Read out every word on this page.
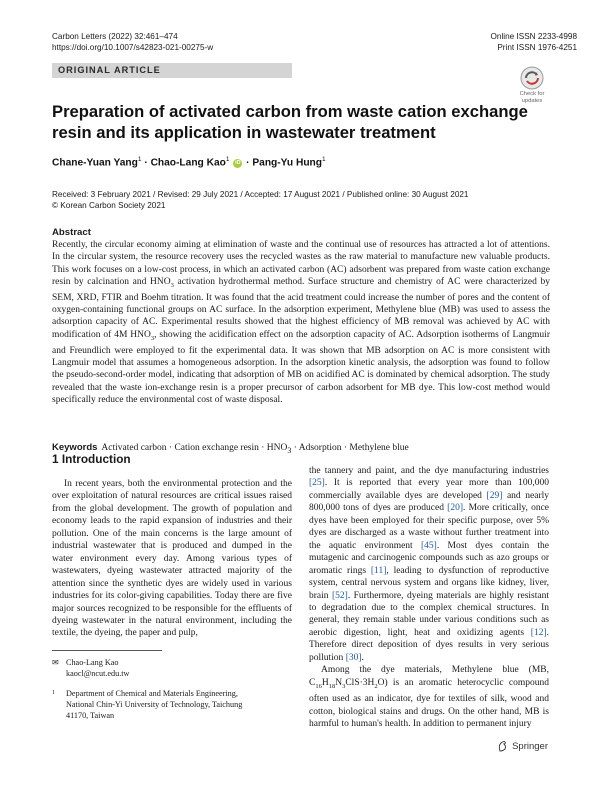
Carbon Letters (2022) 32:461–474
https://doi.org/10.1007/s42823-021-00275-w
Online ISSN 2233-4998
Print ISSN 1976-4251
ORIGINAL ARTICLE
Check for
updates
Preparation of activated carbon from waste cation exchange resin and its application in wastewater treatment
Chane-Yuan Yang$^1$ · Chao-Lang Kao$^1$ iD · Pang-Yu Hung$^1$
Received: 3 February 2021 / Revised: 29 July 2021 / Accepted: 17 August 2021 / Published online: 30 August 2021
© Korean Carbon Society 2021
Abstract
Recently, the circular economy aiming at elimination of waste and the continual use of resources has attracted a lot of attentions. In the circular system, the resource recovery uses the recycled wastes as the raw material to manufacture new valuable products. This work focuses on a low-cost process, in which an activated carbon (AC) adsorbent was prepared from waste cation exchange resin by calcination and $HNO_3$ activation hydrothermal method. Surface structure and chemistry of AC were characterized by SEM, XRD, FTIR and Boehm titration. It was found that the acid treatment could increase the number of pores and the content of oxygen-containing functional groups on AC surface. In the adsorption experiment, Methylene blue (MB) was used to assess the adsorption capacity of AC. Experimental results showed that the highest efficiency of MB removal was achieved by AC with modification of 4M $HNO_3$, showing the acidification effect on the adsorption capacity of AC. Adsorption isotherms of Langmuir and Freundlich were employed to fit the experimental data. It was shown that MB adsorption on AC is more consistent with Langmuir model that assumes a homogeneous adsorption. In the adsorption kinetic analysis, the adsorption was found to follow the pseudo-second-order model, indicating that adsorption of MB on acidified AC is dominated by chemical adsorption. The study revealed that the waste ion-exchange resin is a proper precursor of carbon adsorbent for MB dye. This low-cost method would specifically reduce the environmental cost of waste disposal.
Keywords Activated carbon · Cation exchange $resin \cdot HNO_3$ · Adsorption · Methylene blue
1 Introduction
In recent years, both the environmental protection and the over exploitation of natural resources are critical issues raised from the global development. The growth of population and economy leads to the rapid expansion of industries and their pollution. One of the main concerns is the large amount of industrial wastewater that is produced and dumped in the water environment every day. Among various types of wastewaters, dyeing wastewater attracted majority of the attention since the synthetic dyes are widely used in various industries for its color-giving capabilities. Today there are five major sources recognized to be responsible for the effluents of dyeing wastewater in the natural environment, including the textile, the dyeing, the paper and pulp,
the tannery and paint, and the dye manufacturing industries [25]. It is reported that every year more than 100,000 commercially available dyes are developed [29] and nearly 800,000 tons of dyes are produced [20]. More critically, once dyes have been employed for their specific purpose, over 5% dyes are discharged as a waste without further treatment into the aquatic environment [45]. Most dyes contain the mutagenic and carcinogenic compounds such as azo groups or aromatic rings [11], leading to dysfunction of reproductive system, central nervous system and organs like kidney, liver, brain [52]. Furthermore, dyeing materials are highly resistant to degradation due to the complex chemical structures. In general, they remain stable under various conditions such as aerobic digestion, light, heat and oxidizing agents [12]. Therefore direct deposition of dyes results in very serious pollution [30].
Among the dye materials, Methylene blue (MB, $C_{16}H_{18}N_3ClS\cdot 3H_2O$) is an aromatic heterocyclic compound often used as an indicator, dye for textiles of silk, wood and cotton, biological stains and drugs. On the other hand, MB is harmful to human's health. In addition to permanent injury
✉ Chao-Lang Kao
kaocl@ncut.edu.tw
$^1$ Department of Chemical and Materials Engineering, National Chin-Yi University of Technology, Taichung 41170, Taiwan
Springer
